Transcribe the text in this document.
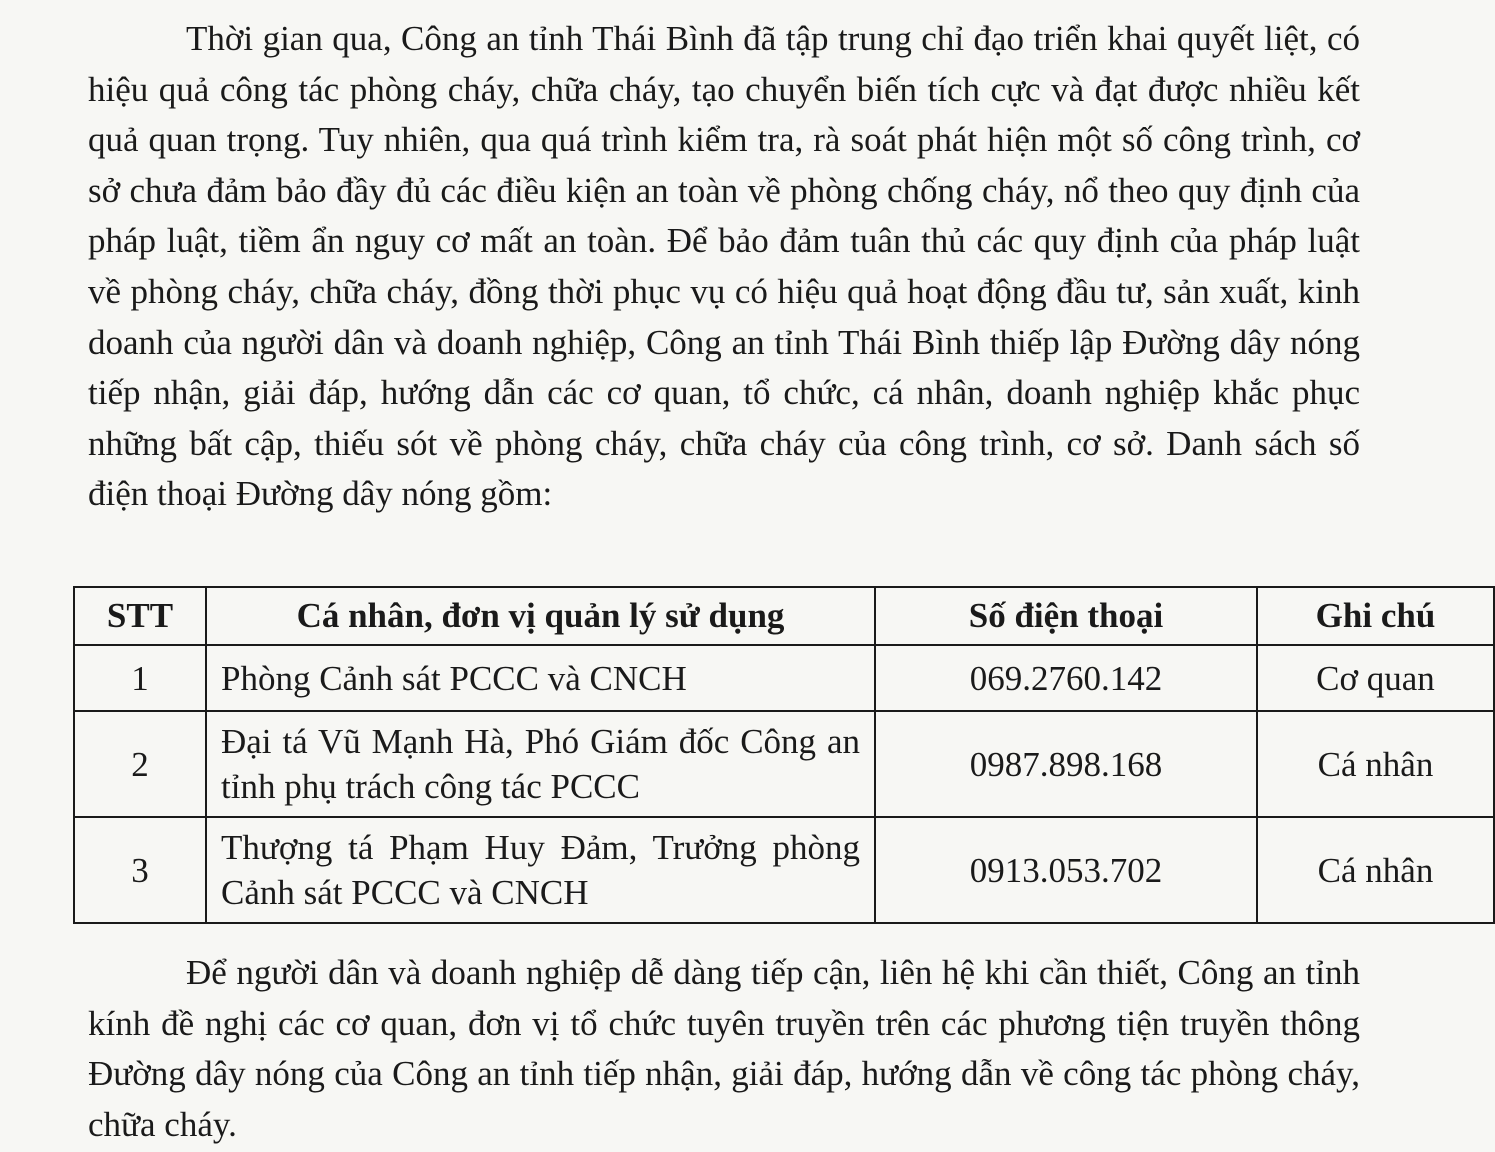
Thời gian qua, Công an tỉnh Thái Bình đã tập trung chỉ đạo triển khai quyết liệt, có hiệu quả công tác phòng cháy, chữa cháy, tạo chuyển biến tích cực và đạt được nhiều kết quả quan trọng. Tuy nhiên, qua quá trình kiểm tra, rà soát phát hiện một số công trình, cơ sở chưa đảm bảo đầy đủ các điều kiện an toàn về phòng chống cháy, nổ theo quy định của pháp luật, tiềm ẩn nguy cơ mất an toàn. Để bảo đảm tuân thủ các quy định của pháp luật về phòng cháy, chữa cháy, đồng thời phục vụ có hiệu quả hoạt động đầu tư, sản xuất, kinh doanh của người dân và doanh nghiệp, Công an tỉnh Thái Bình thiếp lập Đường dây nóng tiếp nhận, giải đáp, hướng dẫn các cơ quan, tổ chức, cá nhân, doanh nghiệp khắc phục những bất cập, thiếu sót về phòng cháy, chữa cháy của công trình, cơ sở. Danh sách số điện thoại Đường dây nóng gồm:

STT	Cá nhân, đơn vị quản lý sử dụng	Số điện thoại	Ghi chú
1	Phòng Cảnh sát PCCC và CNCH	069.2760.142	Cơ quan
2	Đại tá Vũ Mạnh Hà, Phó Giám đốc Công an tỉnh phụ trách công tác PCCC	0987.898.168	Cá nhân
3	Thượng tá Phạm Huy Đảm, Trưởng phòng Cảnh sát PCCC và CNCH	0913.053.702	Cá nhân

Để người dân và doanh nghiệp dễ dàng tiếp cận, liên hệ khi cần thiết, Công an tỉnh kính đề nghị các cơ quan, đơn vị tổ chức tuyên truyền trên các phương tiện truyền thông Đường dây nóng của Công an tỉnh tiếp nhận, giải đáp, hướng dẫn về công tác phòng cháy, chữa cháy.
